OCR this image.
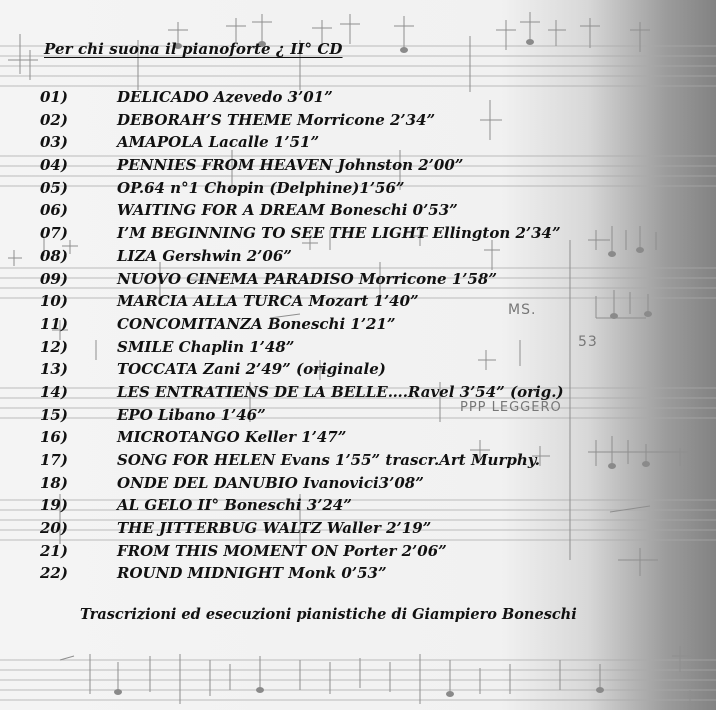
MS.
53
PPP LEGGERO
Per chi suona il pianoforte ¿ II° CD
01)	DELICADO Azevedo 3’01”
02)	DEBORAH’S THEME Morricone 2’34”
03)	AMAPOLA Lacalle 1’51”
04)	PENNIES FROM HEAVEN Johnston 2’00”
05)	OP.64 n°1 Chopin (Delphine)1’56”
06)	WAITING FOR A DREAM Boneschi 0’53”
07)	I’M BEGINNING TO SEE THE LIGHT Ellington 2’34”
08)	LIZA Gershwin 2’06”
09)	NUOVO CINEMA PARADISO Morricone 1’58”
10)	MARCIA ALLA TURCA Mozart 1’40”
11)	CONCOMITANZA Boneschi 1’21”
12)	SMILE Chaplin 1’48”
13)	TOCCATA Zani 2’49” (originale)
14)	LES ENTRATIENS DE LA BELLE….Ravel 3’54” (orig.)
15)	EPO Libano 1’46”
16)	MICROTANGO Keller 1’47”
17)	SONG FOR HELEN Evans 1’55” trascr.Art Murphy.
18)	ONDE DEL DANUBIO Ivanovici3’08”
19)	AL GELO II° Boneschi 3’24”
20)	THE JITTERBUG WALTZ Waller 2’19”
21)	FROM THIS MOMENT ON Porter 2’06”
22)	ROUND MIDNIGHT Monk 0’53”
Trascrizioni ed esecuzioni pianistiche di Giampiero Boneschi
